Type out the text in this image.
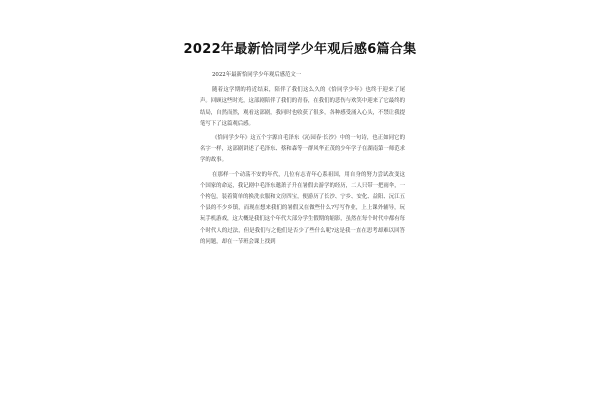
2022年最新恰同学少年观后感6篇合集

2022年最新恰同学少年观后感范文一

随着这学期的将近结束，陪伴了我们这么久的《恰同学少年》也终于迎来了尾声。回顾这些时光，这部剧陪伴了我们的青春，在我们的悲伤与欢笑中迎来了它最终的结局，自然而然，观看这部剧，我同时也收获了很多，各种感受涌入心头，不禁让我提笔写下了这篇观后感。

《恰同学少年》这五个字源自毛泽东《沁园春·长沙》中的一句诗，也正如同它的名字一样，这部剧讲述了毛泽东、蔡和森等一群风华正茂的少年学子在湖南第一师范求学的故事。

在那样一个动荡不安的年代，几位有志青年心系祖国，用自身的努力尝试改变这个国家的命运，我记剧中毛泽东邀萧子升在暑假去游学的经历，二人只带一把雨伞，一个挎包，装着简单的换洗衣服和文房四宝，便游历了长沙、宁乡、安化、益阳、沅江五个县的不少乡镇，而现在想来我们的暑假又在做些什么?写写作业，上上课外辅导，玩玩手机游戏，这大概是我们这个年代大部分学生假期的缩影，虽然在每个时代中都有每个时代人的过法，但是我们与之他们是否少了些什么呢?这是我一直在思考却难以回答的问题，却在一节班会课上找到
